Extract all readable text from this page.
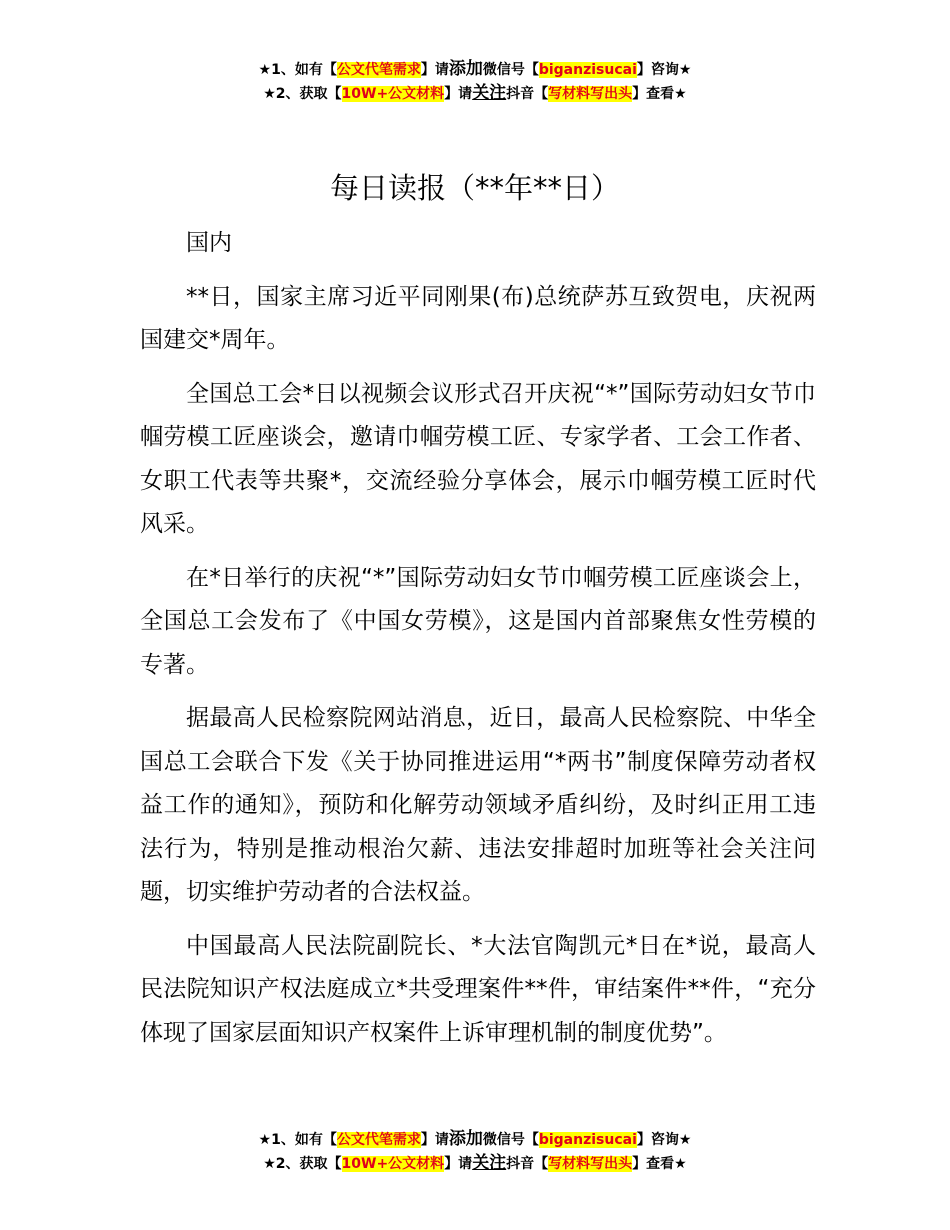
★1、如有【公文代笔需求】请添加微信号【biganzisucai】咨询★
★2、获取【10W+公文材料】请关注抖音【写材料写出头】查看★
每日读报（**年**日）

国内

**日，国家主席习近平同刚果(布)总统萨苏互致贺电，庆祝两国建交*周年。

全国总工会*日以视频会议形式召开庆祝“*”国际劳动妇女节巾帼劳模工匠座谈会，邀请巾帼劳模工匠、专家学者、工会工作者、女职工代表等共聚*，交流经验分享体会，展示巾帼劳模工匠时代风采。

在*日举行的庆祝“*”国际劳动妇女节巾帼劳模工匠座谈会上，全国总工会发布了《中国女劳模》，这是国内首部聚焦女性劳模的专著。

据最高人民检察院网站消息，近日，最高人民检察院、中华全国总工会联合下发《关于协同推进运用“*两书”制度保障劳动者权益工作的通知》，预防和化解劳动领域矛盾纠纷，及时纠正用工违法行为，特别是推动根治欠薪、违法安排超时加班等社会关注问题，切实维护劳动者的合法权益。

中国最高人民法院副院长、*大法官陶凯元*日在*说，最高人民法院知识产权法庭成立*共受理案件**件，审结案件**件，“充分体现了国家层面知识产权案件上诉审理机制的制度优势”。

★1、如有【公文代笔需求】请添加微信号【biganzisucai】咨询★
★2、获取【10W+公文材料】请关注抖音【写材料写出头】查看★
